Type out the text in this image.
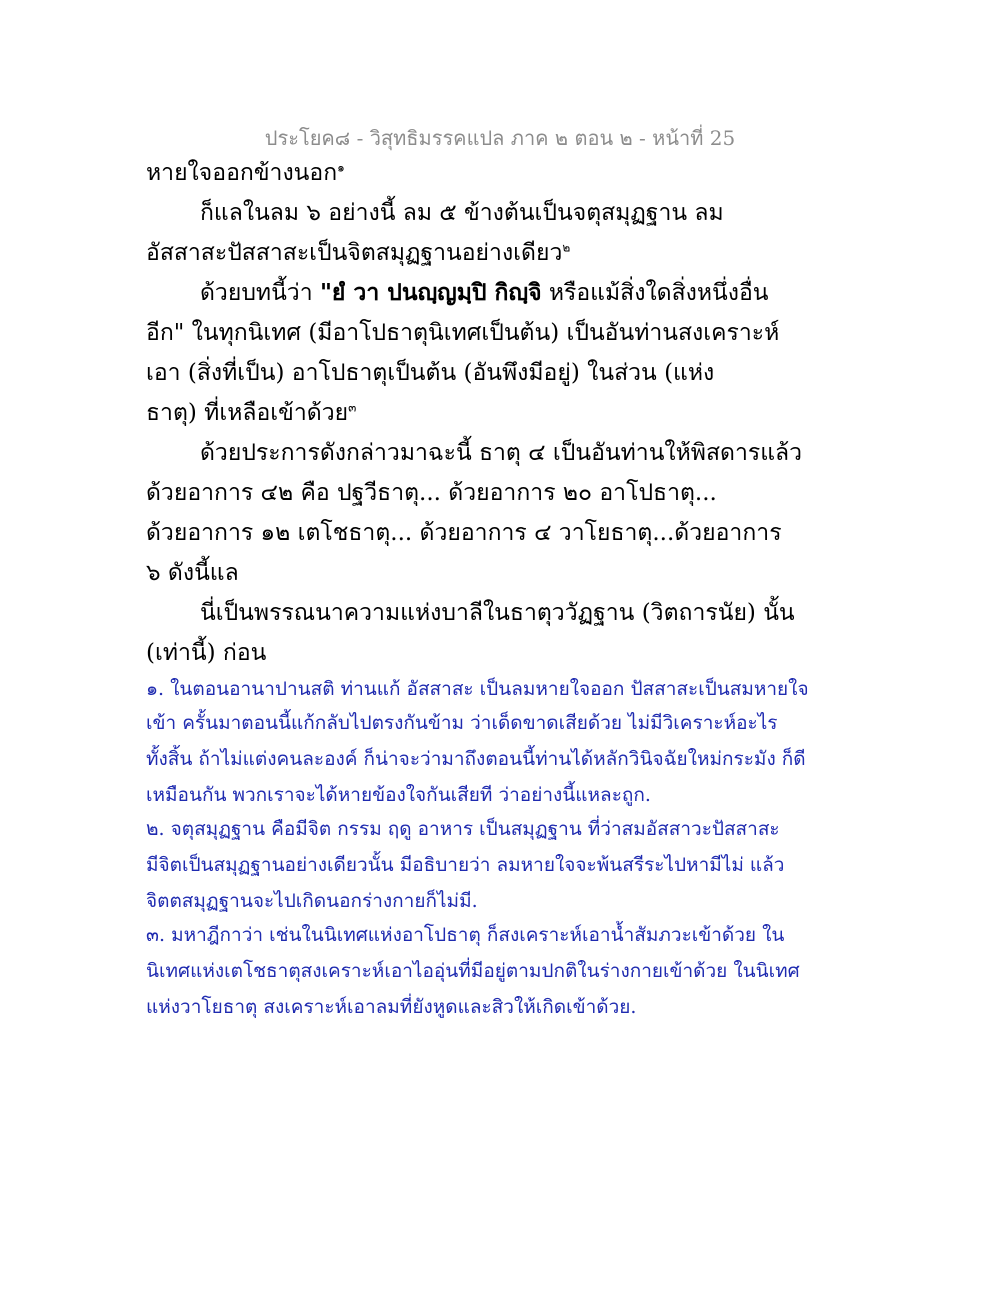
ประโยค๘ - วิสุทธิมรรคแปล ภาค ๒ ตอน ๒ - หน้าที่ 25
หายใจออกข้างนอก$^๑$
ก็แลในลม ๖ อย่างนี้ ลม ๕ ข้างต้นเป็นจตุสมุฏฐาน ลม
อัสสาสะปัสสาสะเป็นจิตสมุฏฐานอย่างเดียว$^๒$
ด้วยบทนี้ว่า "ยํ วา ปนญฺญมฺปิ กิญฺจิ หรือแม้สิ่งใดสิ่งหนึ่งอื่น
อีก" ในทุกนิเทศ (มีอาโปธาตุนิเทศเป็นต้น) เป็นอันท่านสงเคราะห์
เอา (สิ่งที่เป็น) อาโปธาตุเป็นต้น (อันพึงมีอยู่) ในส่วน (แห่ง
ธาตุ) ที่เหลือเข้าด้วย$^๓$
ด้วยประการดังกล่าวมาฉะนี้ ธาตุ ๔ เป็นอันท่านให้พิสดารแล้ว
ด้วยอาการ ๔๒ คือ ปฐวีธาตุ... ด้วยอาการ ๒๐ อาโปธาตุ...
ด้วยอาการ ๑๒ เตโชธาตุ... ด้วยอาการ ๔ วาโยธาตุ...ด้วยอาการ
๖ ดังนี้แล
นี่เป็นพรรณนาความแห่งบาลีในธาตุววัฏฐาน (วิตถารนัย) นั้น
(เท่านี้) ก่อน
๑. ในตอนอานาปานสติ ท่านแก้ อัสสาสะ เป็นลมหายใจออก ปัสสาสะเป็นสมหายใจ
เข้า ครั้นมาตอนนี้แก้กลับไปตรงกันข้าม ว่าเด็ดขาดเสียด้วย ไม่มีวิเคราะห์อะไร
ทั้งสิ้น ถ้าไม่แต่งคนละองค์ ก็น่าจะว่ามาถึงตอนนี้ท่านได้หลักวินิจฉัยใหม่กระมัง ก็ดี
เหมือนกัน พวกเราจะได้หายข้องใจกันเสียที ว่าอย่างนี้แหละถูก.
๒. จตุสมุฏฐาน คือมีจิต กรรม ฤดู อาหาร เป็นสมุฏฐาน ที่ว่าสมอัสสาวะปัสสาสะ
มีจิตเป็นสมุฏฐานอย่างเดียวนั้น มีอธิบายว่า ลมหายใจจะพ้นสรีระไปหามีไม่ แล้ว
จิตตสมุฏฐานจะไปเกิดนอกร่างกายก็ไม่มี.
๓. มหาฎีกาว่า เช่นในนิเทศแห่งอาโปธาตุ ก็สงเคราะห์เอาน้ำสัมภวะเข้าด้วย ใน
นิเทศแห่งเตโชธาตุสงเคราะห์เอาไออุ่นที่มีอยู่ตามปกติในร่างกายเข้าด้วย ในนิเทศ
แห่งวาโยธาตุ สงเคราะห์เอาลมที่ยังหูดและสิวให้เกิดเข้าด้วย.
